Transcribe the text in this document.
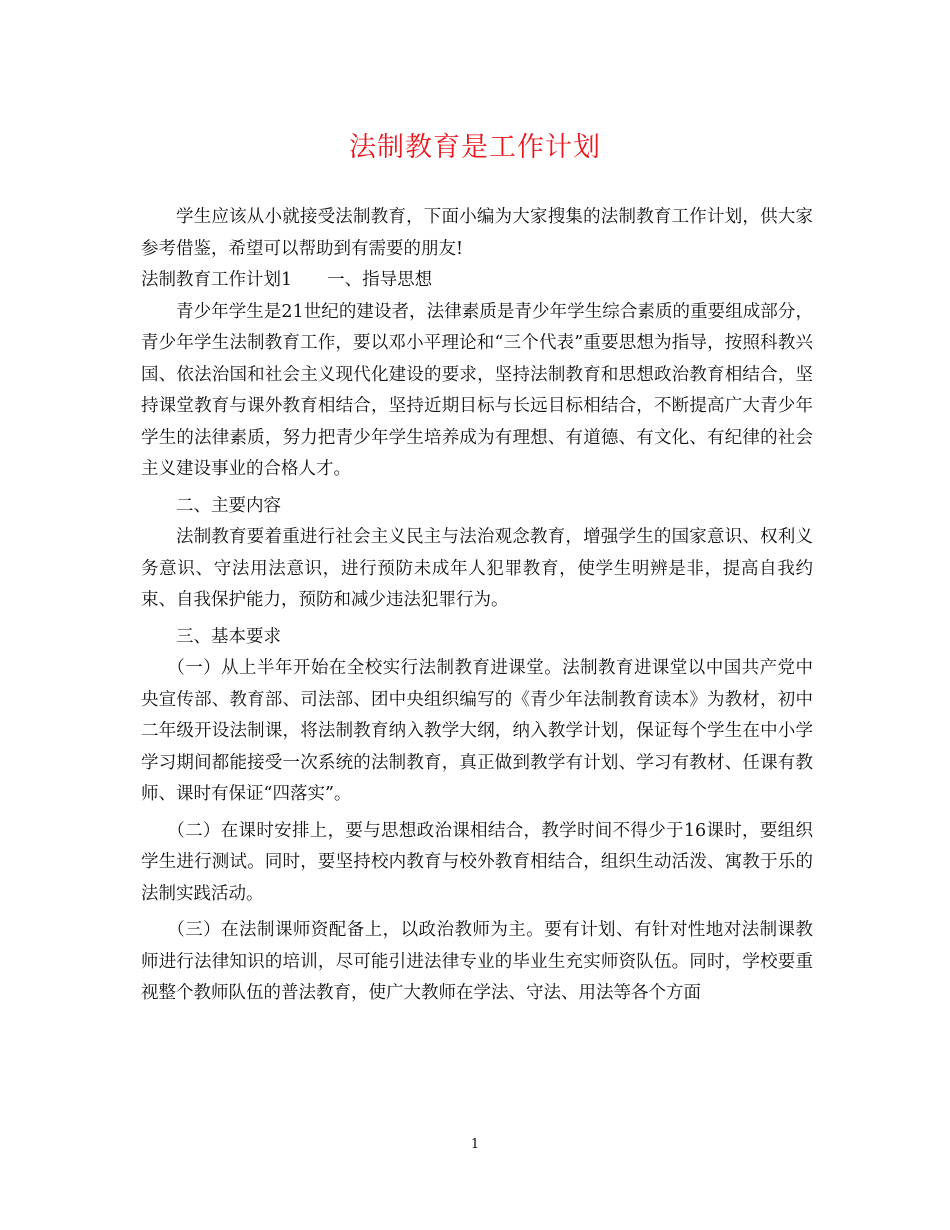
法制教育是工作计划

学生应该从小就接受法制教育，下面小编为大家搜集的法制教育工作计划，供大家参考借鉴，希望可以帮助到有需要的朋友!

法制教育工作计划1　　一、指导思想

青少年学生是21世纪的建设者，法律素质是青少年学生综合素质的重要组成部分，青少年学生法制教育工作，要以邓小平理论和“三个代表”重要思想为指导，按照科教兴国、依法治国和社会主义现代化建设的要求，坚持法制教育和思想政治教育相结合，坚持课堂教育与课外教育相结合，坚持近期目标与长远目标相结合，不断提高广大青少年学生的法律素质，努力把青少年学生培养成为有理想、有道德、有文化、有纪律的社会主义建设事业的合格人才。

二、主要内容

法制教育要着重进行社会主义民主与法治观念教育，增强学生的国家意识、权利义务意识、守法用法意识，进行预防未成年人犯罪教育，使学生明辨是非，提高自我约束、自我保护能力，预防和减少违法犯罪行为。

三、基本要求

（一）从上半年开始在全校实行法制教育进课堂。法制教育进课堂以中国共产党中央宣传部、教育部、司法部、团中央组织编写的《青少年法制教育读本》为教材，初中二年级开设法制课，将法制教育纳入教学大纲，纳入教学计划，保证每个学生在中小学学习期间都能接受一次系统的法制教育，真正做到教学有计划、学习有教材、任课有教师、课时有保证“四落实”。

（二）在课时安排上，要与思想政治课相结合，教学时间不得少于16课时，要组织学生进行测试。同时，要坚持校内教育与校外教育相结合，组织生动活泼、寓教于乐的法制实践活动。

（三）在法制课师资配备上，以政治教师为主。要有计划、有针对性地对法制课教师进行法律知识的培训，尽可能引进法律专业的毕业生充实师资队伍。同时，学校要重视整个教师队伍的普法教育，使广大教师在学法、守法、用法等各个方面

1
